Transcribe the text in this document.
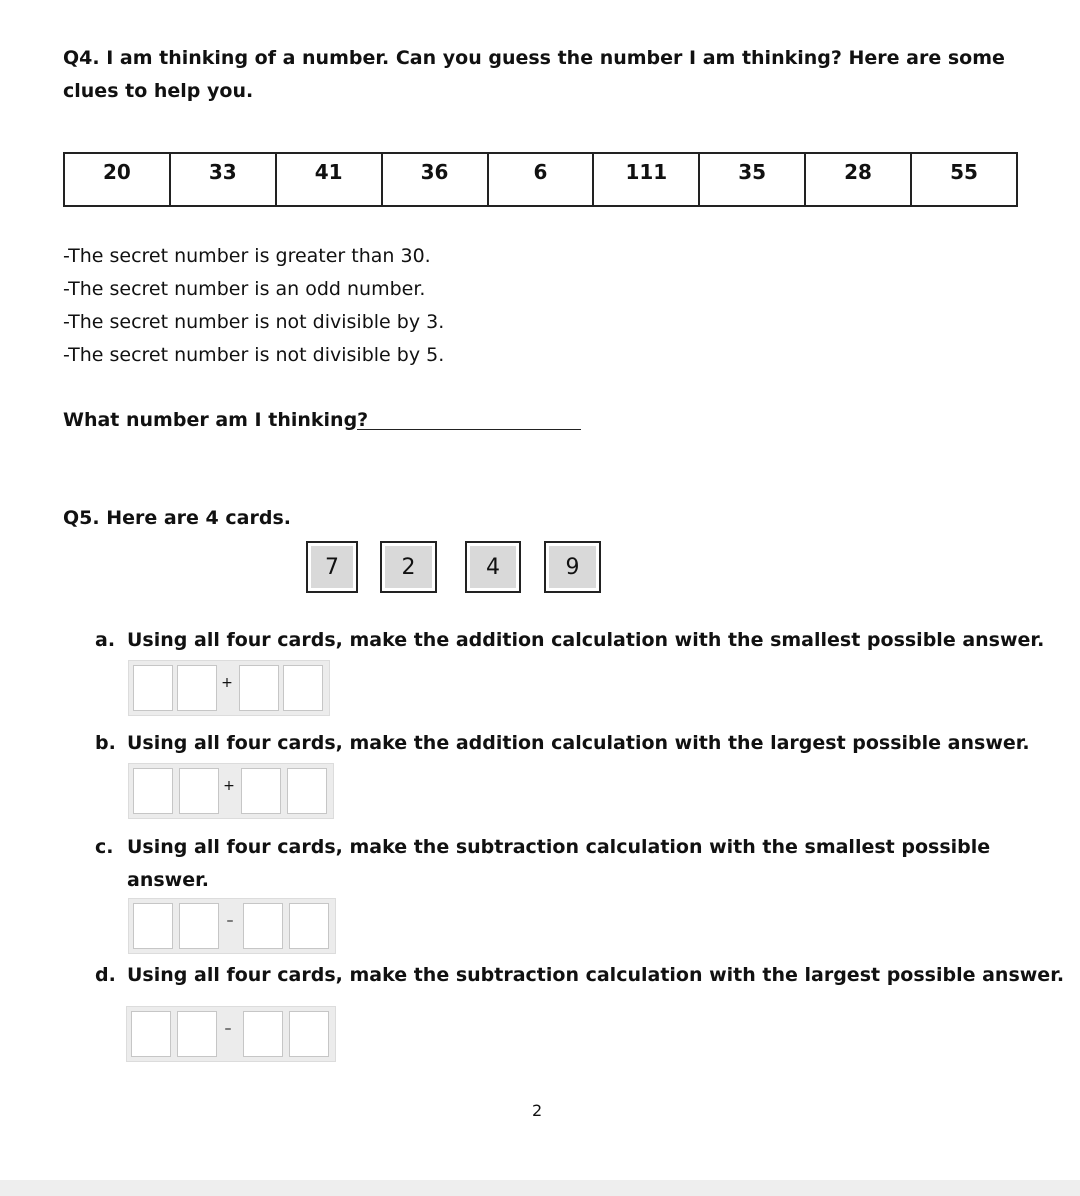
Q4. I am thinking of a number. Can you guess the number I am thinking? Here are some
clues to help you.
20	33	41	36	6	111	35	28	55
-The secret number is greater than 30.
-The secret number is an odd number.
-The secret number is not divisible by 3.
-The secret number is not divisible by 5.
What number am I thinking?
Q5. Here are 4 cards.
7	2	4	9
a. Using all four cards, make the addition calculation with the smallest possible answer.
+
b. Using all four cards, make the addition calculation with the largest possible answer.
+
c. Using all four cards, make the subtraction calculation with the smallest possible
answer.
–
d. Using all four cards, make the subtraction calculation with the largest possible answer.
–
2
